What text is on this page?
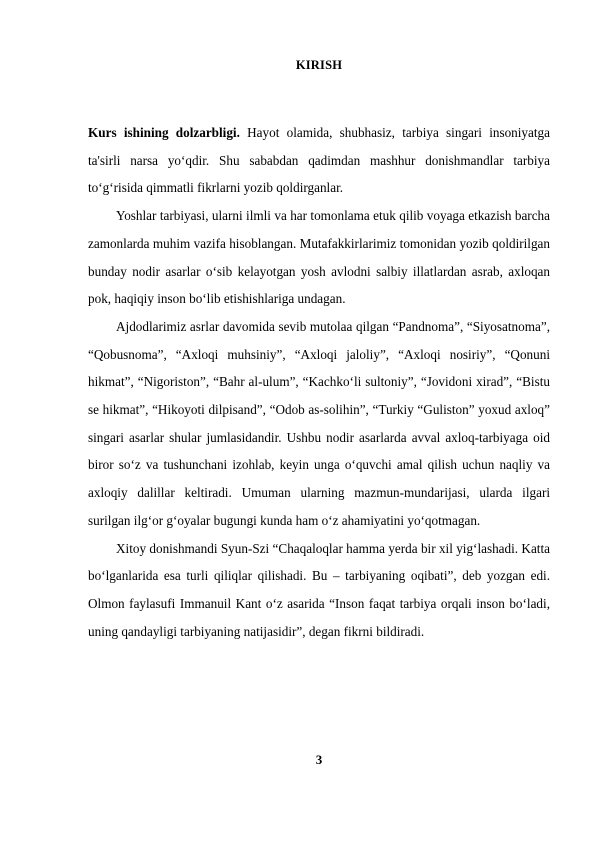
KIRISH

Kurs ishining dolzarbligi. Hayot olamida, shubhasiz, tarbiya singari insoniyatga ta'sirli narsa yo‘qdir. Shu sababdan qadimdan mashhur donishmandlar tarbiya to‘g‘risida qimmatli fikrlarni yozib qoldirganlar.

Yoshlar tarbiyasi, ularni ilmli va har tomonlama etuk qilib voyaga etkazish barcha zamonlarda muhim vazifa hisoblangan. Mutafakkirlarimiz tomonidan yozib qoldirilgan bunday nodir asarlar o‘sib kelayotgan yosh avlodni salbiy illatlardan asrab, axloqan pok, haqiqiy inson bo‘lib etishishlariga undagan.

Ajdodlarimiz asrlar davomida sevib mutolaa qilgan “Pandnoma”, “Siyosatnoma”, “Qobusnoma”, “Axloqi muhsiniy”, “Axloqi jaloliy”, “Axloqi nosiriy”, “Qonuni hikmat”, “Nigoriston”, “Bahr al-ulum”, “Kachko‘li sultoniy”, “Jovidoni xirad”, “Bistu se hikmat”, “Hikoyoti dilpisand”, “Odob as-solihin”, “Turkiy “Guliston” yoxud axloq” singari asarlar shular jumlasidandir. Ushbu nodir asarlarda avval axloq-tarbiyaga oid biror so‘z va tushunchani izohlab, keyin unga o‘quvchi amal qilish uchun naqliy va axloqiy dalillar keltiradi. Umuman ularning mazmun-mundarijasi, ularda ilgari surilgan ilg‘or g‘oyalar bugungi kunda ham o‘z ahamiyatini yo‘qotmagan.

Xitoy donishmandi Syun-Szi “Chaqaloqlar hamma yerda bir xil yig‘lashadi. Katta bo‘lganlarida esa turli qiliqlar qilishadi. Bu – tarbiyaning oqibati”, deb yozgan edi. Olmon faylasufi Immanuil Kant o‘z asarida “Inson faqat tarbiya orqali inson bo‘ladi, uning qandayligi tarbiyaning natijasidir”, degan fikrni bildiradi.

3
